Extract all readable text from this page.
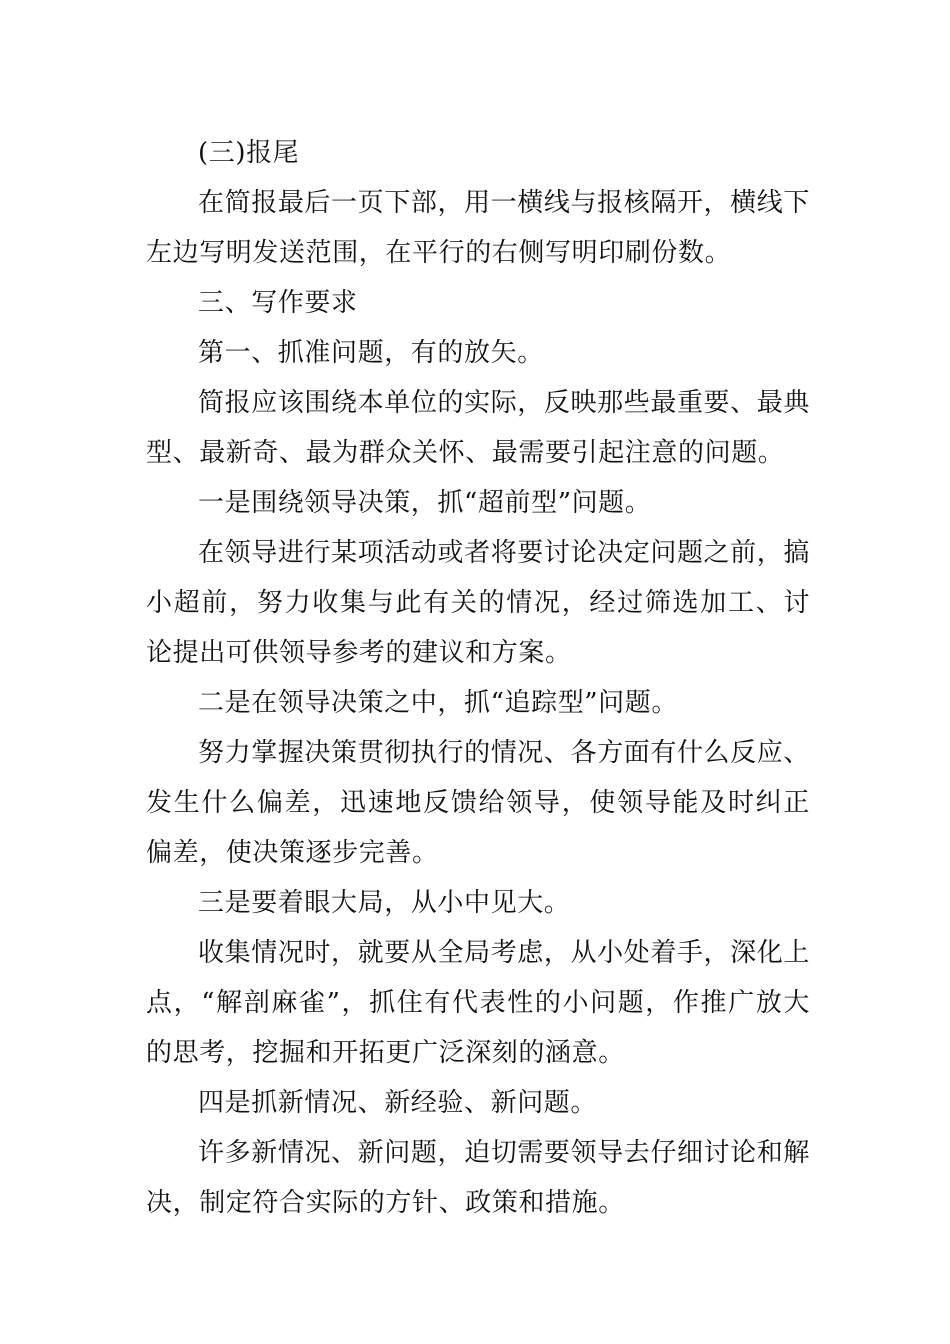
(三)报尾

在简报最后一页下部，用一横线与报核隔开，横线下左边写明发送范围，在平行的右侧写明印刷份数。

三、写作要求

第一、抓准问题，有的放矢。

简报应该围绕本单位的实际，反映那些最重要、最典型、最新奇、最为群众关怀、最需要引起注意的问题。

一是围绕领导决策，抓“超前型”问题。

在领导进行某项活动或者将要讨论决定问题之前，搞小超前，努力收集与此有关的情况，经过筛选加工、讨论提出可供领导参考的建议和方案。

二是在领导决策之中，抓“追踪型”问题。

努力掌握决策贯彻执行的情况、各方面有什么反应、发生什么偏差，迅速地反馈给领导，使领导能及时纠正偏差，使决策逐步完善。

三是要着眼大局，从小中见大。

收集情况时，就要从全局考虑，从小处着手，深化上点，“解剖麻雀”，抓住有代表性的小问题，作推广放大的思考，挖掘和开拓更广泛深刻的涵意。

四是抓新情况、新经验、新问题。

许多新情况、新问题，迫切需要领导去仔细讨论和解决，制定符合实际的方针、政策和措施。
